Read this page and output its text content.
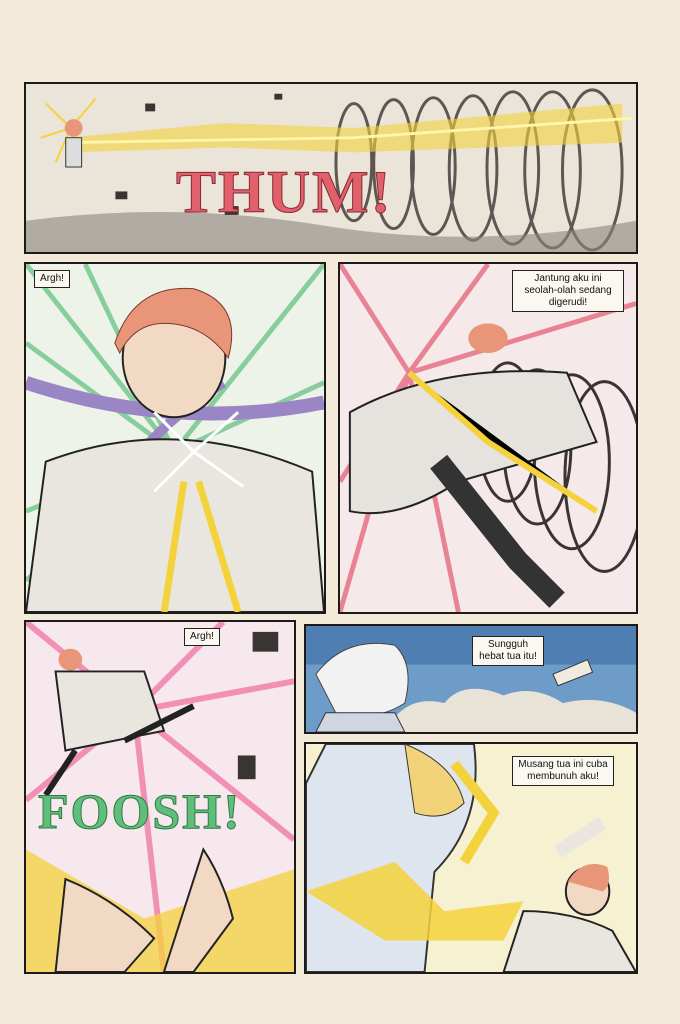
THUM!
Argh!	Jantung aku ini seolah-olah sedang digerudi!
Argh!
FOOSH!
Sungguh hebat tua itu!
Musang tua ini cuba membunuh aku!
